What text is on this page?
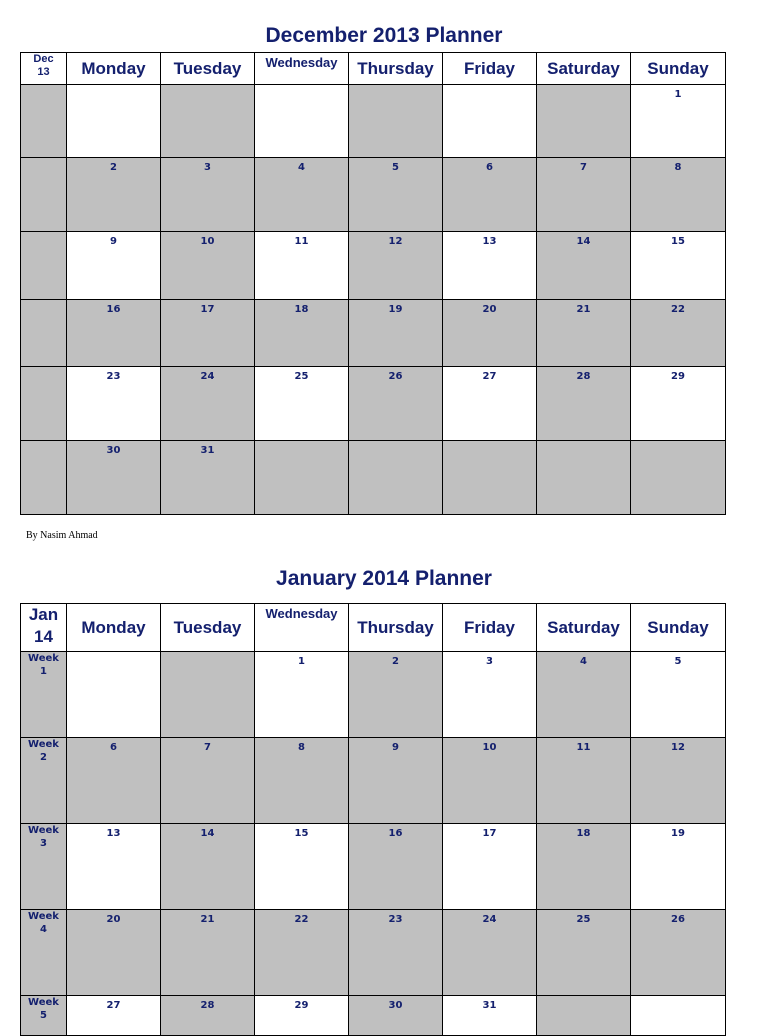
December 2013 Planner
Dec
13	Monday	Tuesday	Wednesday	Thursday	Friday	Saturday	Sunday

							1

	2	3	4	5	6	7	8

	9	10	11	12	13	14	15

	16	17	18	19	20	21	22

	23	24	25	26	27	28	29

	30	31					

By Nasim Ahmad
January 2014 Planner
Jan
14	Monday	Tuesday	Wednesday	Thursday	Friday	Saturday	Sunday

Week
1			1	2	3	4	5

Week
2	6	7	8	9	10	11	12

Week
3	13	14	15	16	17	18	19

Week
4	20	21	22	23	24	25	26

Week
5	27	28	29	30	31		
